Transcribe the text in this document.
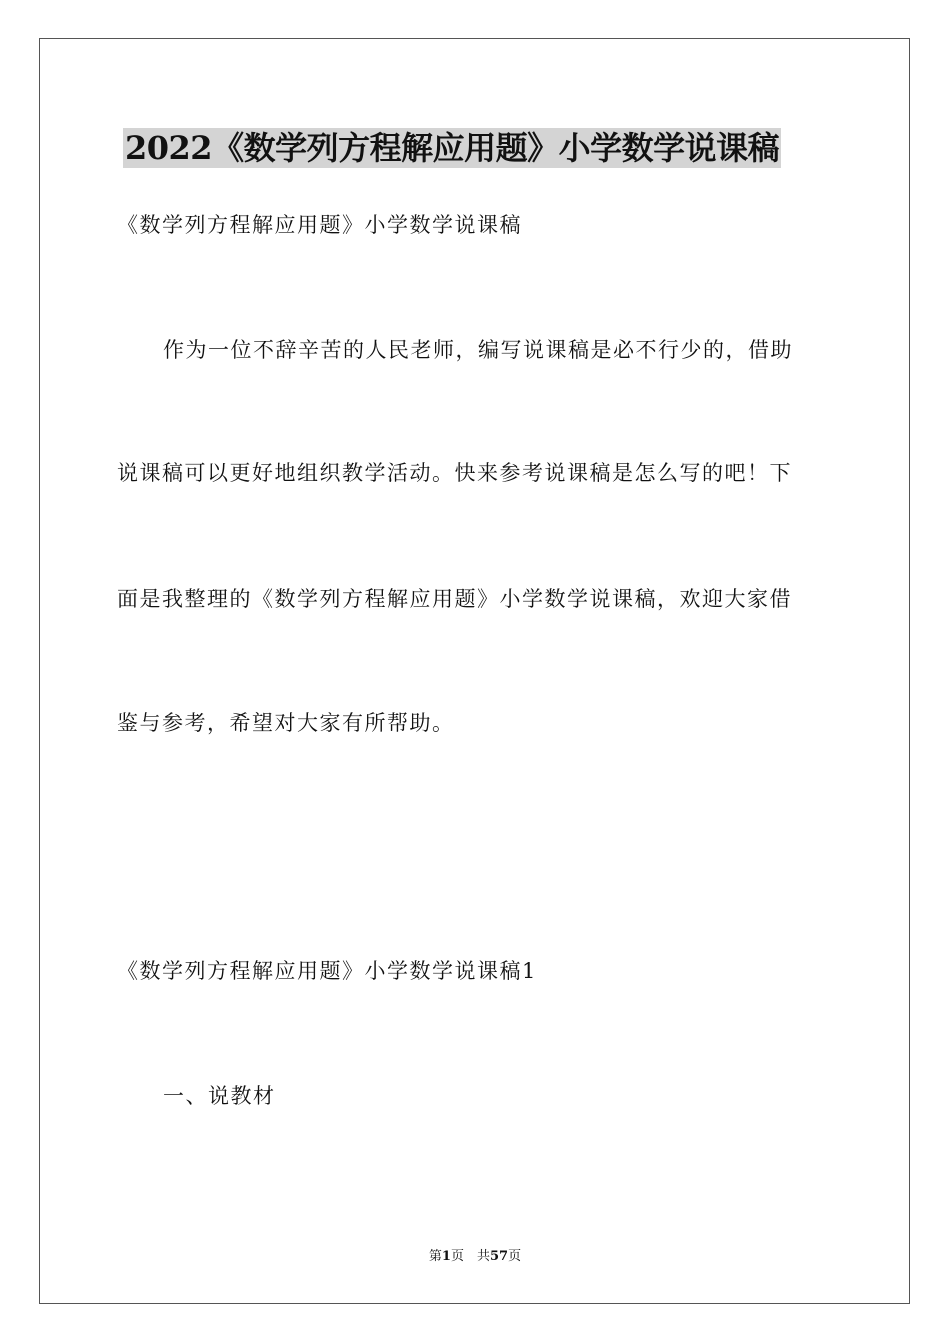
2022《数学列方程解应用题》小学数学说课稿
《数学列方程解应用题》小学数学说课稿
作为一位不辞辛苦的人民老师，编写说课稿是必不行少的，借助
说课稿可以更好地组织教学活动。快来参考说课稿是怎么写的吧！下
面是我整理的《数学列方程解应用题》小学数学说课稿，欢迎大家借
鉴与参考，希望对大家有所帮助。
《数学列方程解应用题》小学数学说课稿1
一、说教材
第1页　共57页
